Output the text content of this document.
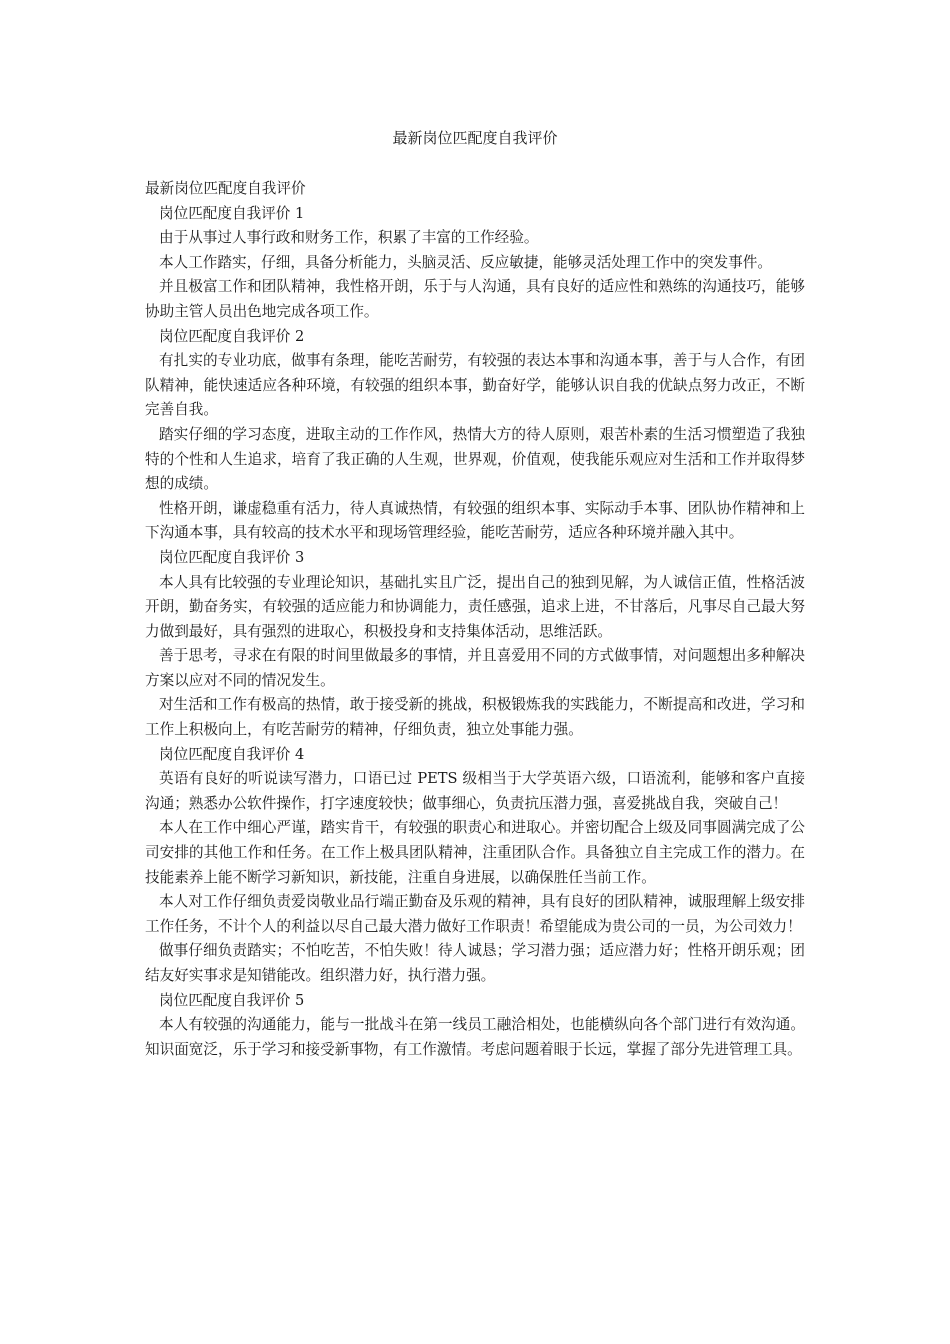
最新岗位匹配度自我评价

最新岗位匹配度自我评价

岗位匹配度自我评价 1

由于从事过人事行政和财务工作，积累了丰富的工作经验。

本人工作踏实，仔细，具备分析能力，头脑灵活、反应敏捷，能够灵活处理工作中的突发事件。

并且极富工作和团队精神，我性格开朗，乐于与人沟通，具有良好的适应性和熟练的沟通技巧，能够协助主管人员出色地完成各项工作。

岗位匹配度自我评价 2

有扎实的专业功底，做事有条理，能吃苦耐劳，有较强的表达本事和沟通本事，善于与人合作，有团队精神，能快速适应各种环境，有较强的组织本事，勤奋好学，能够认识自我的优缺点努力改正，不断完善自我。

踏实仔细的学习态度，进取主动的工作作风，热情大方的待人原则，艰苦朴素的生活习惯塑造了我独特的个性和人生追求，培育了我正确的人生观，世界观，价值观，使我能乐观应对生活和工作并取得梦想的成绩。

性格开朗，谦虚稳重有活力，待人真诚热情，有较强的组织本事、实际动手本事、团队协作精神和上下沟通本事，具有较高的技术水平和现场管理经验，能吃苦耐劳，适应各种环境并融入其中。

岗位匹配度自我评价 3

本人具有比较强的专业理论知识，基础扎实且广泛，提出自己的独到见解，为人诚信正值，性格活波开朗，勤奋务实，有较强的适应能力和协调能力，责任感强，追求上进，不甘落后，凡事尽自己最大努力做到最好，具有强烈的进取心，积极投身和支持集体活动，思维活跃。

善于思考，寻求在有限的时间里做最多的事情，并且喜爱用不同的方式做事情，对问题想出多种解决方案以应对不同的情况发生。

对生活和工作有极高的热情，敢于接受新的挑战，积极锻炼我的实践能力，不断提高和改进，学习和工作上积极向上，有吃苦耐劳的精神，仔细负责，独立处事能力强。

岗位匹配度自我评价 4

英语有良好的听说读写潜力，口语已过 PETS 级相当于大学英语六级，口语流利，能够和客户直接沟通；熟悉办公软件操作，打字速度较快；做事细心，负责抗压潜力强，喜爱挑战自我，突破自己！

本人在工作中细心严谨，踏实肯干，有较强的职责心和进取心。并密切配合上级及同事圆满完成了公司安排的其他工作和任务。在工作上极具团队精神，注重团队合作。具备独立自主完成工作的潜力。在技能素养上能不断学习新知识，新技能，注重自身进展，以确保胜任当前工作。

本人对工作仔细负责爱岗敬业品行端正勤奋及乐观的精神，具有良好的团队精神，诚服理解上级安排工作任务，不计个人的利益以尽自己最大潜力做好工作职责！希望能成为贵公司的一员，为公司效力！

做事仔细负责踏实；不怕吃苦，不怕失败！待人诚恳；学习潜力强；适应潜力好；性格开朗乐观；团结友好实事求是知错能改。组织潜力好，执行潜力强。

岗位匹配度自我评价 5

本人有较强的沟通能力，能与一批战斗在第一线员工融洽相处，也能横纵向各个部门进行有效沟通。知识面宽泛，乐于学习和接受新事物，有工作激情。考虑问题着眼于长远，掌握了部分先进管理工具。
